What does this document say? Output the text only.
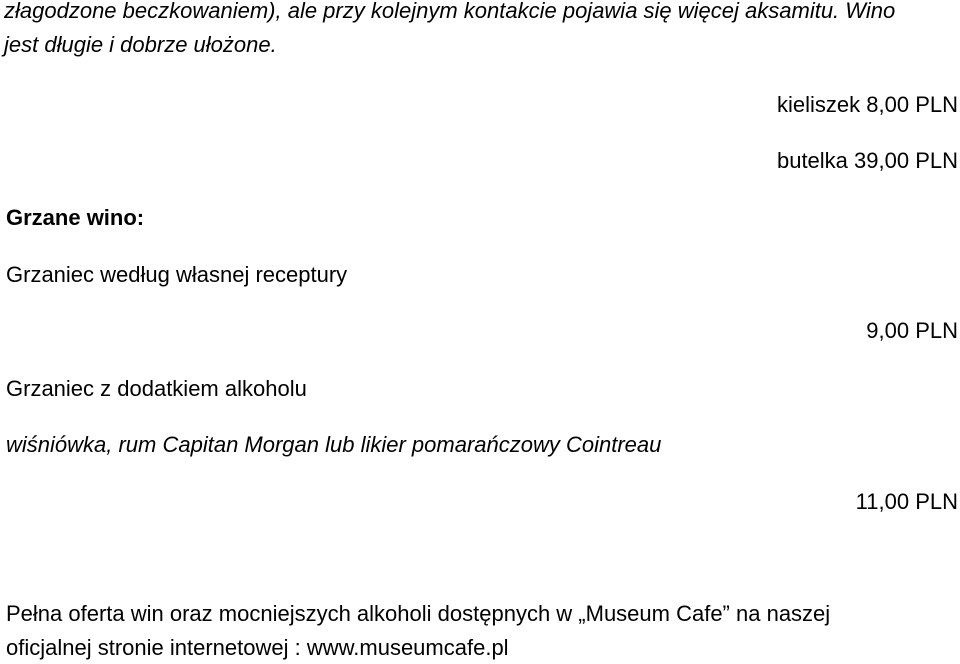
złagodzone beczkowaniem), ale przy kolejnym kontakcie pojawia się więcej aksamitu. Wino
jest długie i dobrze ułożone.
kieliszek 8,00 PLN
butelka 39,00 PLN
Grzane wino:
Grzaniec według własnej receptury
9,00 PLN
Grzaniec z dodatkiem alkoholu
wiśniówka, rum Capitan Morgan lub likier pomarańczowy Cointreau
11,00 PLN
Pełna oferta win oraz mocniejszych alkoholi dostępnych w „Museum Cafe” na naszej
oficjalnej stronie internetowej : www.museumcafe.pl
